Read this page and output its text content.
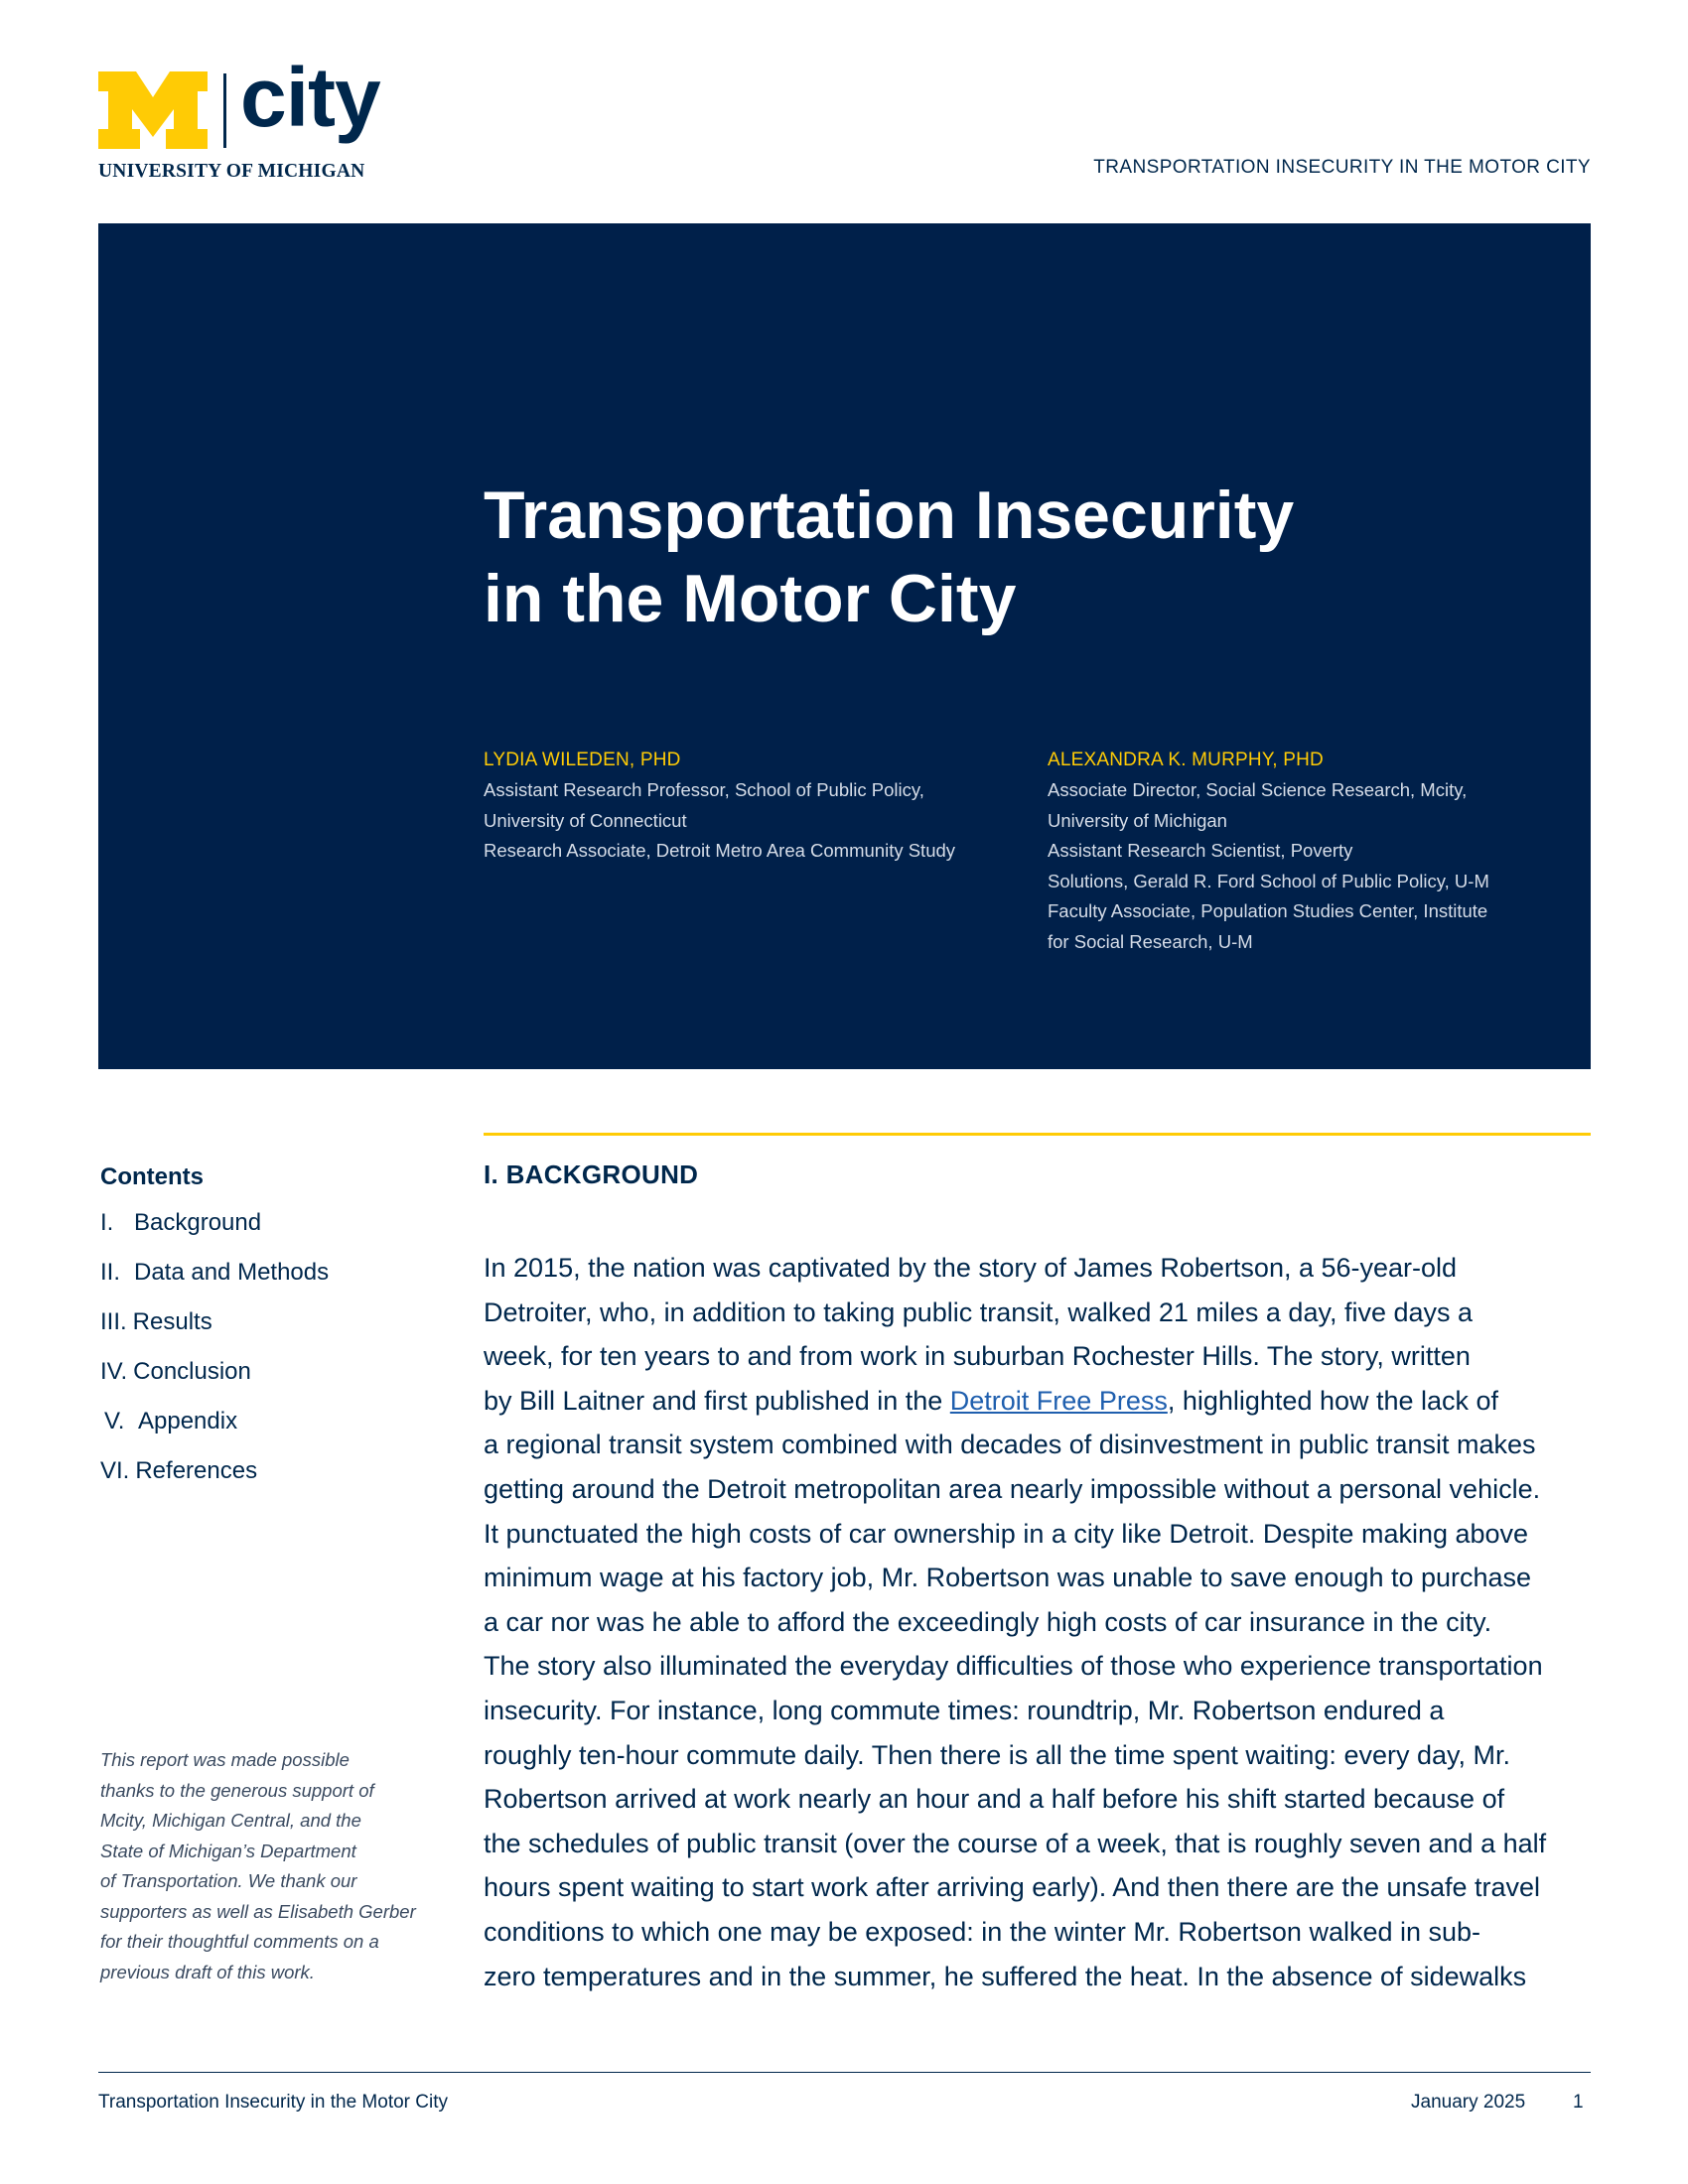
city
UNIVERSITY OF MICHIGAN	TRANSPORTATION INSECURITY IN THE MOTOR CITY
Transportation Insecurity
in the Motor City
LYDIA WILEDEN, PHD
Assistant Research Professor, School of Public Policy,
University of Connecticut
Research Associate, Detroit Metro Area Community Study
ALEXANDRA K. MURPHY, PHD
Associate Director, Social Science Research, Mcity,
University of Michigan
Assistant Research Scientist, Poverty
Solutions, Gerald R. Ford School of Public Policy, U-M
Faculty Associate, Population Studies Center, Institute
for Social Research, U-M
Contents
I. Background
II. Data and Methods
III. Results
IV. Conclusion
V. Appendix
VI. References
This report was made possible
thanks to the generous support of
Mcity, Michigan Central, and the
State of Michigan’s Department
of Transportation. We thank our
supporters as well as Elisabeth Gerber
for their thoughtful comments on a
previous draft of this work.
I. BACKGROUND

In 2015, the nation was captivated by the story of James Robertson, a 56-year-old
Detroiter, who, in addition to taking public transit, walked 21 miles a day, five days a
week, for ten years to and from work in suburban Rochester Hills. The story, written
by Bill Laitner and first published in the Detroit Free Press, highlighted how the lack of
a regional transit system combined with decades of disinvestment in public transit makes
getting around the Detroit metropolitan area nearly impossible without a personal vehicle.
It punctuated the high costs of car ownership in a city like Detroit. Despite making above
minimum wage at his factory job, Mr. Robertson was unable to save enough to purchase
a car nor was he able to afford the exceedingly high costs of car insurance in the city.
The story also illuminated the everyday difficulties of those who experience transportation
insecurity. For instance, long commute times: roundtrip, Mr. Robertson endured a
roughly ten-hour commute daily. Then there is all the time spent waiting: every day, Mr.
Robertson arrived at work nearly an hour and a half before his shift started because of
the schedules of public transit (over the course of a week, that is roughly seven and a half
hours spent waiting to start work after arriving early). And then there are the unsafe travel
conditions to which one may be exposed: in the winter Mr. Robertson walked in sub-
zero temperatures and in the summer, he suffered the heat. In the absence of sidewalks

Transportation Insecurity in the Motor City	January 2025	1
